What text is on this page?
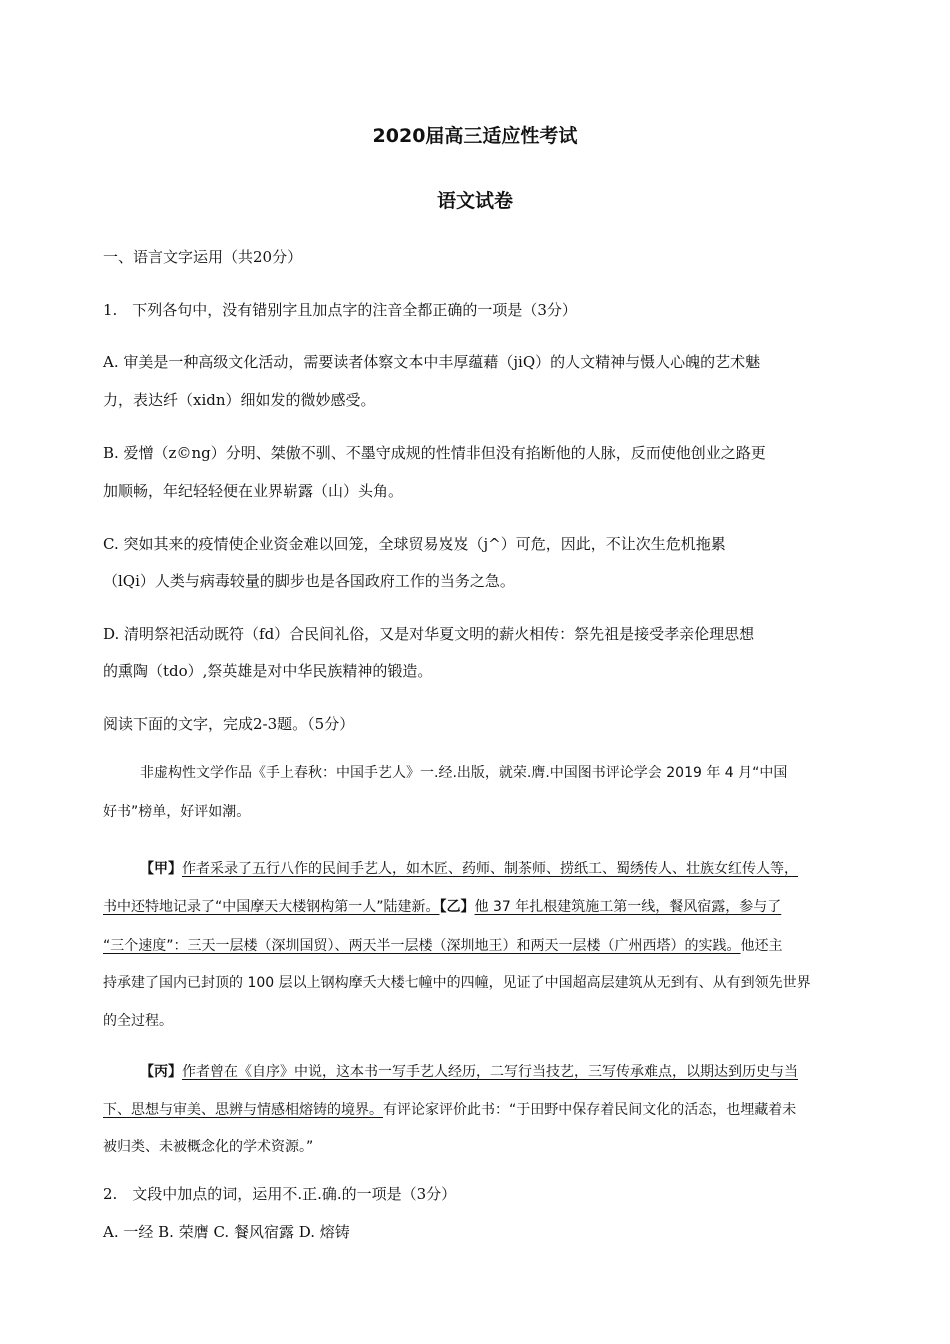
2020届高三适应性考试
语文试卷
一、语言文字运用（共20分）
1.　下列各句中，没有错别字且加点字的注音全都正确的一项是（3分）
A. 审美是一种高级文化活动，需要读者体察文本中丰厚蕴藉（jiQ）的人文精神与慑人心魄的艺术魅
力，表达纤（xidn）细如发的微妙感受。
B. 爱憎（z©ng）分明、桀傲不驯、不墨守成规的性情非但没有掐断他的人脉，反而使他创业之路更
加顺畅，年纪轻轻便在业界崭露（山）头角。
C. 突如其来的疫情使企业资金难以回笼，全球贸易岌岌（j^）可危，因此，不让次生危机拖累
（lQi）人类与病毒较量的脚步也是各国政府工作的当务之急。
D. 清明祭祀活动既符（fd）合民间礼俗，又是对华夏文明的薪火相传：祭先祖是接受孝亲伦理思想
的熏陶（tdo）,祭英雄是对中华民族精神的锻造。
阅读下面的文字，完成2-3题。（5分）
非虚构性文学作品《手上春秋：中国手艺人》一.经.出版，就荣.膺.中国图书评论学会 2019 年 4 月“中国
好书”榜单，好评如潮。
【甲】作者采录了五行八作的民间手艺人，如木匠、药师、制茶师、捞纸工、蜀绣传人、壮族女红传人等，
书中还特地记录了“中国摩天大楼钢构第一人”陆建新。【乙】他 37 年扎根建筑施工第一线，餐风宿露，参与了
“三个速度”：三天一层楼（深圳国贸）、两天半一层楼（深圳地王）和两天一层楼（广州西塔）的实践。他还主
持承建了国内已封顶的 100 层以上钢构摩夭大楼七幢中的四幢，见证了中国超高层建筑从无到有、从有到领先世界
的全过程。
【丙】作者曾在《自序》中说，这本书一写手艺人经历，二写行当技艺，三写传承难点，以期达到历史与当
下、思想与审美、思辨与情感相熔铸的境界。有评论家评价此书：“于田野中保存着民间文化的活态，也埋藏着未
被归类、未被概念化的学术资源。”
2.　文段中加点的词，运用不.正.确.的一项是（3分）
A. 一经 B. 荣膺 C. 餐风宿露 D. 熔铸
